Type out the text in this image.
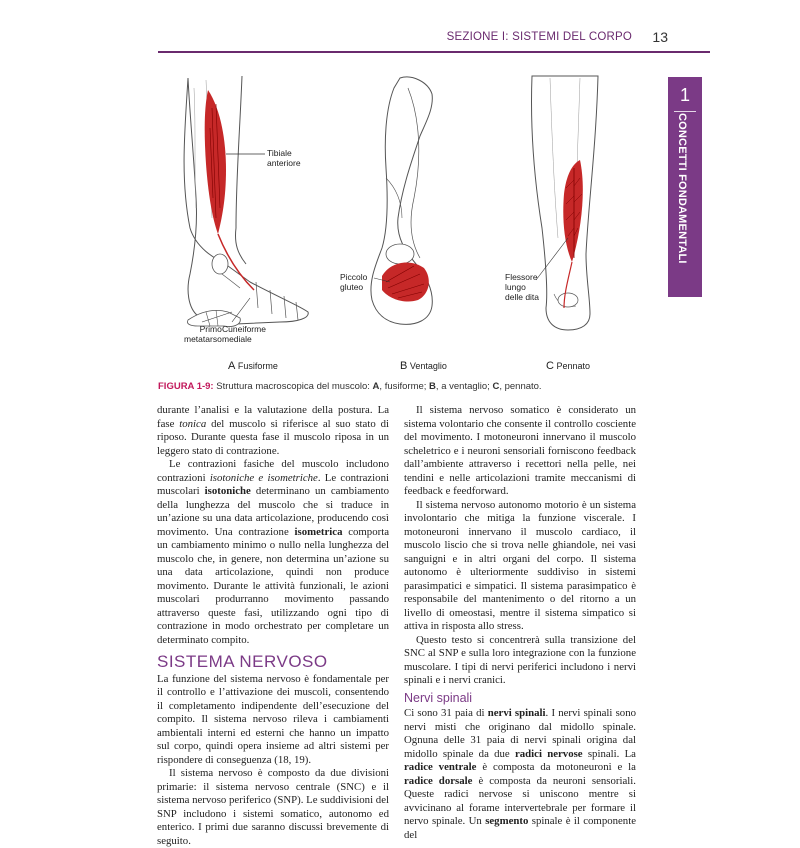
SEZIONE I: SISTEMI DEL CORPO 13
1
CONCETTI FONDAMENTALI
Tibiale
anteriore
Primo
metatarso
Cuneiforme
mediale
Piccolo
gluteo
Flessore
lungo
delle dita
A Fusiforme	B Ventaglio	C Pennato
FIGURA 1-9: Struttura macroscopica del muscolo: A, fusiforme; B, a ventaglio; C, pennato.

durante l’analisi e la valutazione della postura. La fase tonica del muscolo si riferisce al suo stato di riposo. Durante questa fase il muscolo riposa in un leggero stato di contrazione.

Le contrazioni fasiche del muscolo includono contrazioni isotoniche e isometriche. Le contrazioni muscolari isotoniche determinano un cambiamento della lunghezza del muscolo che si traduce in un’azione su una data articolazione, producendo così movimento. Una contrazione isometrica comporta un cambiamento minimo o nullo nella lunghezza del muscolo che, in genere, non determina un’azione su una data articolazione, quindi non produce movimento. Durante le attività funzionali, le azioni muscolari produrranno movimento passando attraverso queste fasi, utilizzando ogni tipo di contrazione in modo orchestrato per completare un determinato compito.

SISTEMA NERVOSO

La funzione del sistema nervoso è fondamentale per il controllo e l’attivazione dei muscoli, consentendo il completamento indipendente dell’esecuzione del compito. Il sistema nervoso rileva i cambiamenti ambientali interni ed esterni che hanno un impatto sul corpo, quindi opera insieme ad altri sistemi per rispondere di conseguenza (18, 19).

Il sistema nervoso è composto da due divisioni primarie: il sistema nervoso centrale (SNC) e il sistema nervoso periferico (SNP). Le suddivisioni del SNP includono i sistemi somatico, autonomo ed enterico. I primi due saranno discussi brevemente di seguito.

Il sistema nervoso somatico è considerato un sistema volontario che consente il controllo cosciente del movimento. I motoneuroni innervano il muscolo scheletrico e i neuroni sensoriali forniscono feedback dall’ambiente attraverso i recettori nella pelle, nei tendini e nelle articolazioni tramite meccanismi di feedback e feedforward.

Il sistema nervoso autonomo motorio è un sistema involontario che mitiga la funzione viscerale. I motoneuroni innervano il muscolo cardiaco, il muscolo liscio che si trova nelle ghiandole, nei vasi sanguigni e in altri organi del corpo. Il sistema autonomo è ulteriormente suddiviso in sistemi parasimpatici e simpatici. Il sistema parasimpatico è responsabile del mantenimento o del ritorno a un livello di omeostasi, mentre il sistema simpatico si attiva in risposta allo stress.

Questo testo si concentrerà sulla transizione del SNC al SNP e sulla loro integrazione con la funzione muscolare. I tipi di nervi periferici includono i nervi spinali e i nervi cranici.

Nervi spinali

Ci sono 31 paia di nervi spinali. I nervi spinali sono nervi misti che originano dal midollo spinale. Ognuna delle 31 paia di nervi spinali origina dal midollo spinale da due radici nervose spinali. La radice ventrale è composta da motoneuroni e la radice dorsale è composta da neuroni sensoriali. Queste radici nervose si uniscono mentre si avvicinano al forame intervertebrale per formare il nervo spinale. Un segmento spinale è il componente del
